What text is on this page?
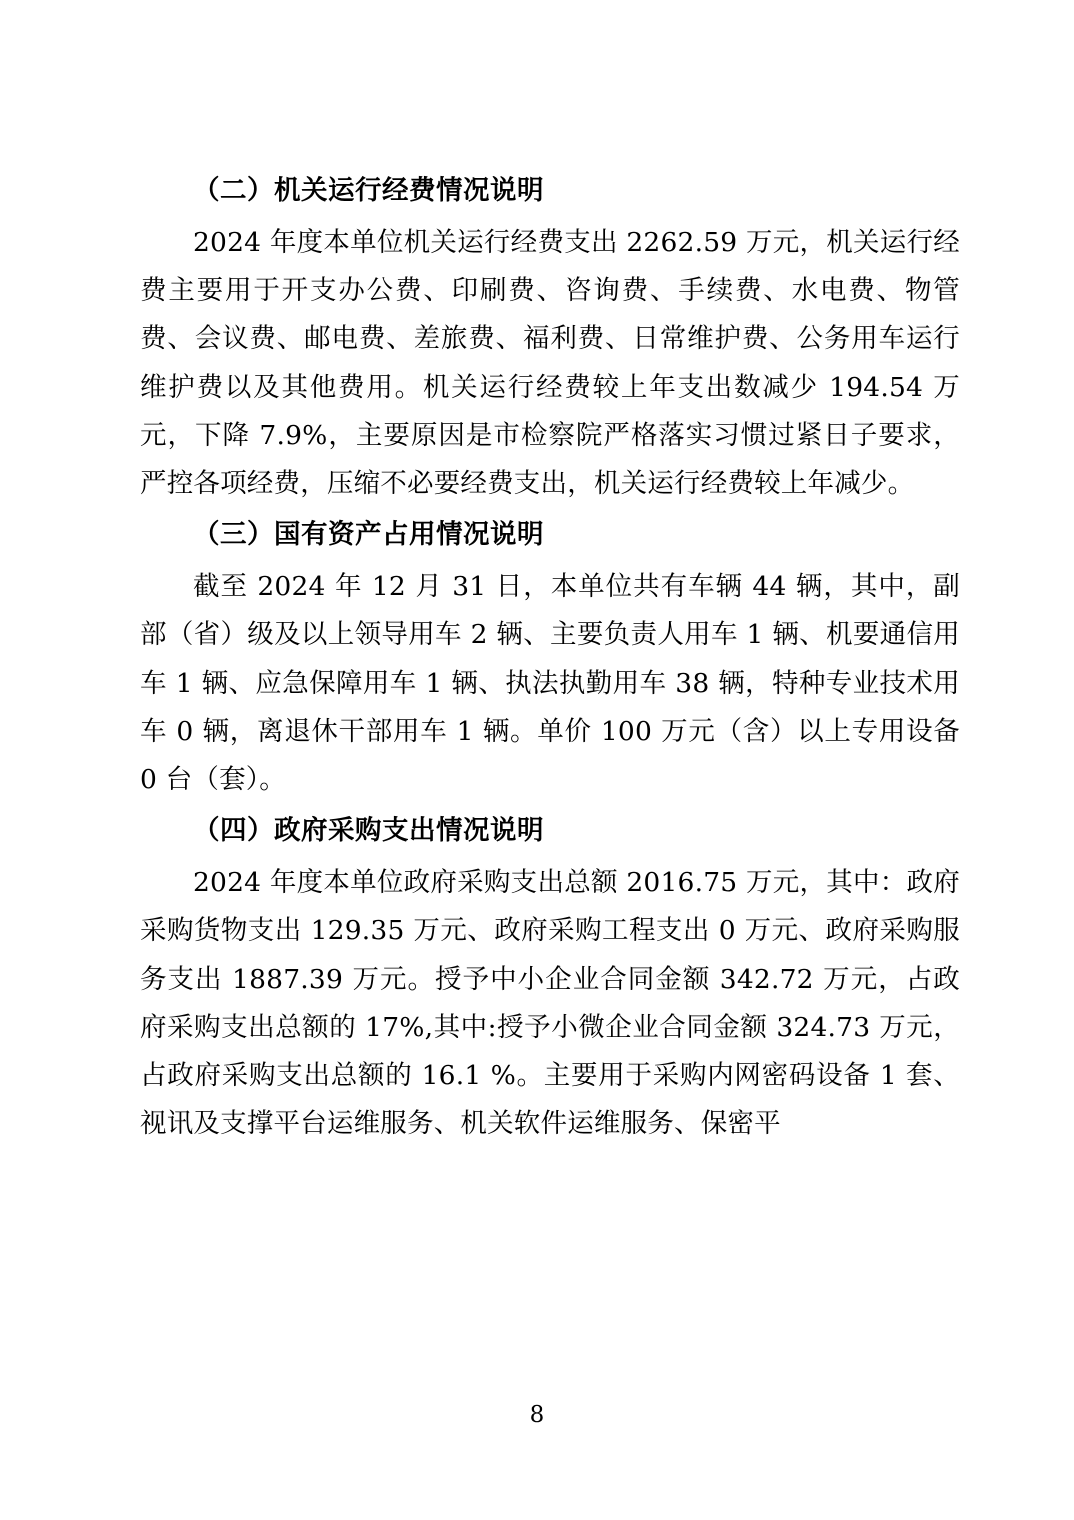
（二）机关运行经费情况说明

2024 年度本单位机关运行经费支出 2262.59 万元，机关运行经费主要用于开支办公费、印刷费、咨询费、手续费、水电费、物管费、会议费、邮电费、差旅费、福利费、日常维护费、公务用车运行维护费以及其他费用。机关运行经费较上年支出数减少 194.54 万元，下降 7.9%，主要原因是市检察院严格落实习惯过紧日子要求，严控各项经费，压缩不必要经费支出，机关运行经费较上年减少。

（三）国有资产占用情况说明

截至 2024 年 12 月 31 日，本单位共有车辆 44 辆，其中，副部（省）级及以上领导用车 2 辆、主要负责人用车 1 辆、机要通信用车 1 辆、应急保障用车 1 辆、执法执勤用车 38 辆，特种专业技术用车 0 辆，离退休干部用车 1 辆。单价 100 万元（含）以上专用设备 0 台（套）。

（四）政府采购支出情况说明

2024 年度本单位政府采购支出总额 2016.75 万元，其中：政府采购货物支出 129.35 万元、政府采购工程支出 0 万元、政府采购服务支出 1887.39 万元。授予中小企业合同金额 342.72 万元，占政府采购支出总额的 17%,其中:授予小微企业合同金额 324.73 万元，占政府采购支出总额的 16.1 %。主要用于采购内网密码设备 1 套、视讯及支撑平台运维服务、机关软件运维服务、保密平

8
